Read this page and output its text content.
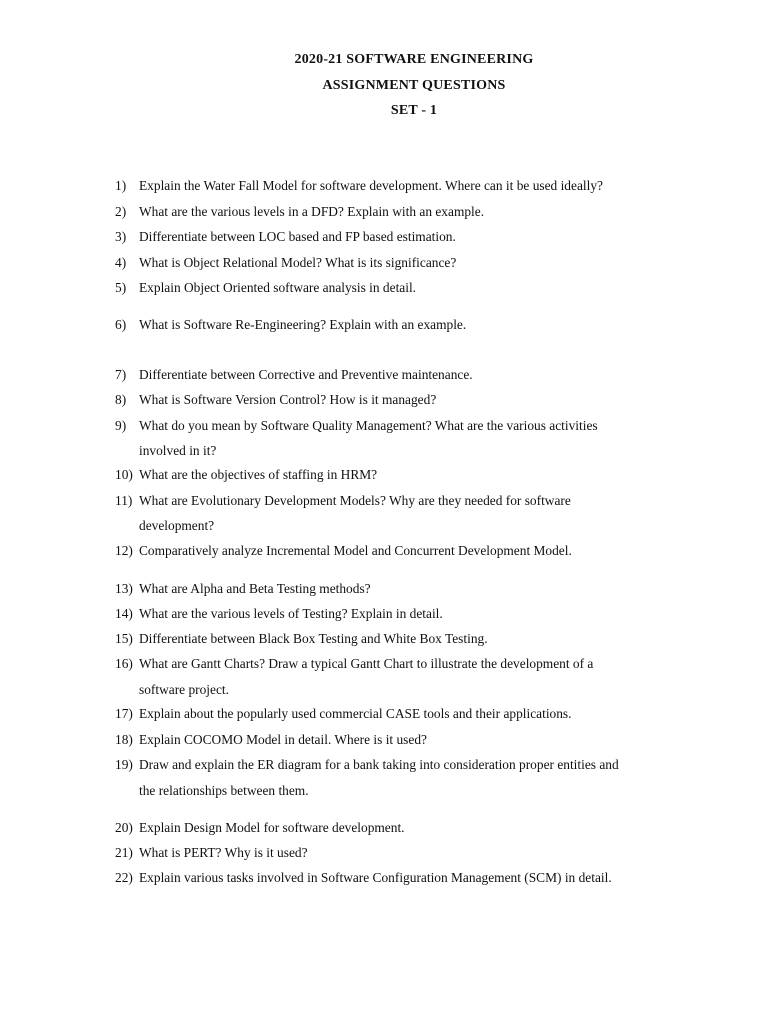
2020-21 SOFTWARE ENGINEERING
ASSIGNMENT QUESTIONS
SET - 1
1) Explain the Water Fall Model for software development. Where can it be used ideally?
2) What are the various levels in a DFD? Explain with an example.
3) Differentiate between LOC based and FP based estimation.
4) What is Object Relational Model? What is its significance?
5) Explain Object Oriented software analysis in detail.
6) What is Software Re-Engineering? Explain with an example.
7) Differentiate between Corrective and Preventive maintenance.
8) What is Software Version Control? How is it managed?
9) What do you mean by Software Quality Management? What are the various activities
involved in it?
10) What are the objectives of staffing in HRM?
11) What are Evolutionary Development Models? Why are they needed for software
development?
12) Comparatively analyze Incremental Model and Concurrent Development Model.
13) What are Alpha and Beta Testing methods?
14) What are the various levels of Testing? Explain in detail.
15) Differentiate between Black Box Testing and White Box Testing.
16) What are Gantt Charts? Draw a typical Gantt Chart to illustrate the development of a
software project.
17) Explain about the popularly used commercial CASE tools and their applications.
18) Explain COCOMO Model in detail. Where is it used?
19) Draw and explain the ER diagram for a bank taking into consideration proper entities and
the relationships between them.
20) Explain Design Model for software development.
21) What is PERT? Why is it used?
22) Explain various tasks involved in Software Configuration Management (SCM) in detail.
